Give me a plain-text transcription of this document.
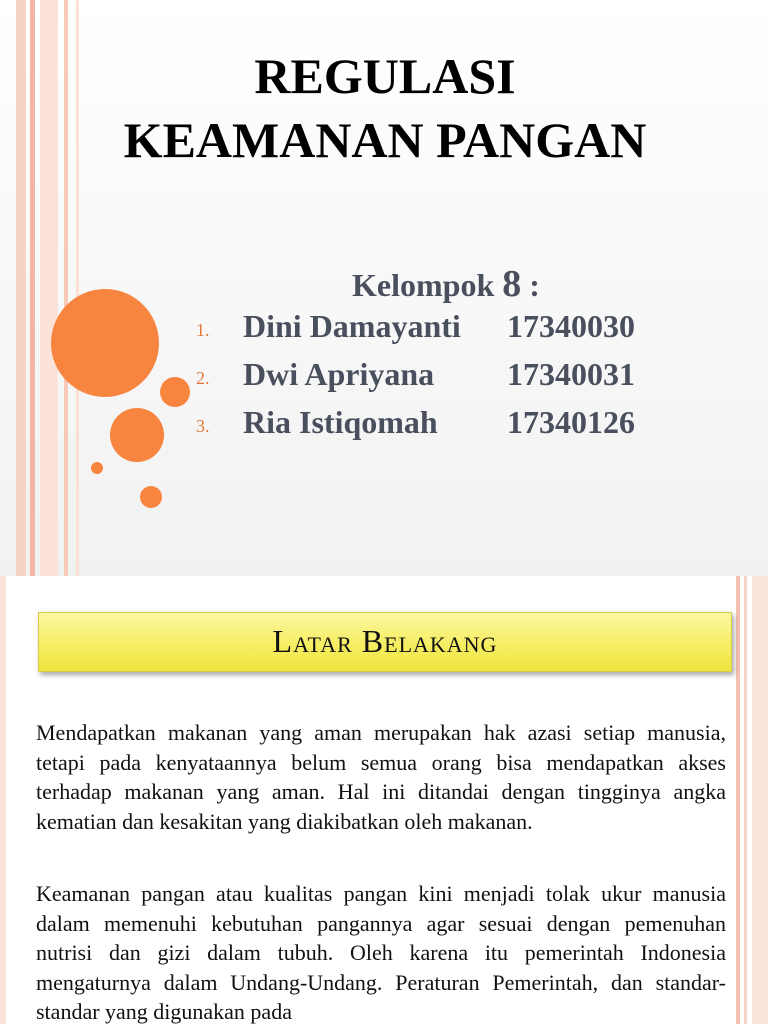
REGULASI
KEAMANAN PANGAN
Kelompok 8 :
1.	Dini Damayanti 17340030
2.	Dwi Apriyana 17340031
3.	Ria Istiqomah 17340126
Latar Belakang

Mendapatkan makanan yang aman merupakan hak azasi setiap manusia, tetapi pada kenyataannya belum semua orang bisa mendapatkan akses terhadap makanan yang aman. Hal ini ditandai dengan tingginya angka kematian dan kesakitan yang diakibatkan oleh makanan.

Keamanan pangan atau kualitas pangan kini menjadi tolak ukur manusia dalam memenuhi kebutuhan pangannya agar sesuai dengan pemenuhan nutrisi dan gizi dalam tubuh. Oleh karena itu pemerintah Indonesia mengaturnya dalam Undang-Undang. Peraturan Pemerintah, dan standar-standar yang digunakan pada
